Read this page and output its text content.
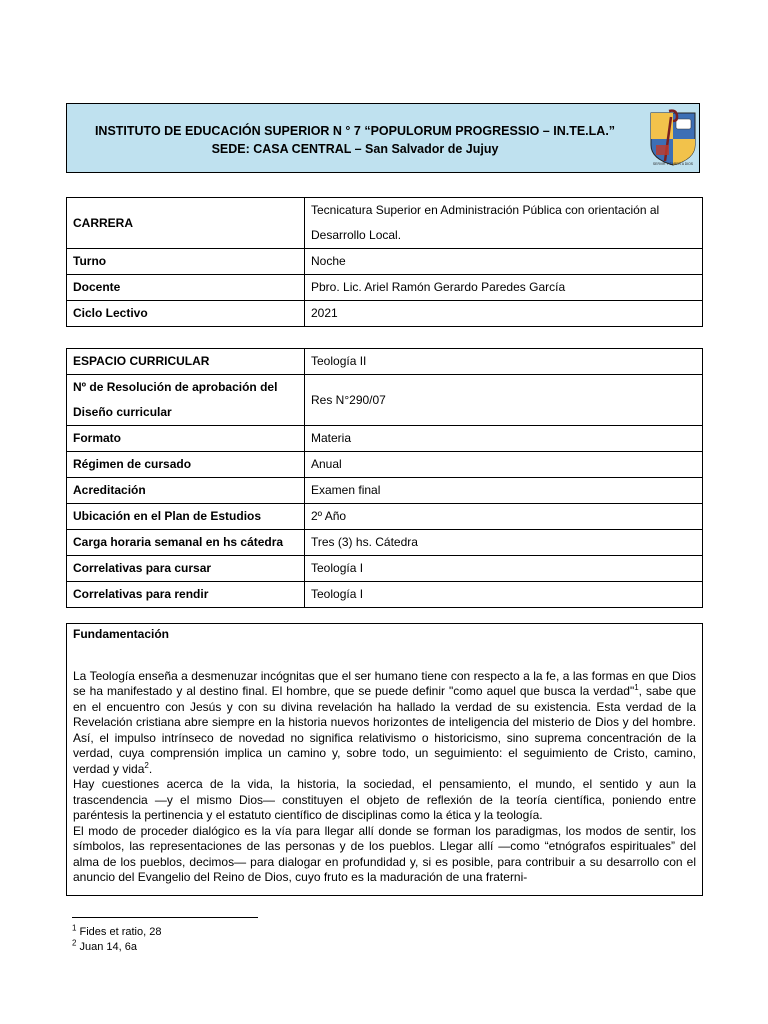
INSTITUTO DE EDUCACIÓN SUPERIOR N ° 7 “POPULORUM PROGRESSIO – IN.TE.LA.”
SEDE: CASA CENTRAL – San Salvador de Jujuy
SERVIR Y SABER A DIOS
CARRERA	Tecnicatura Superior en Administración Pública con orientación al
Desarrollo Local.

Turno	Noche
Docente	Pbro. Lic. Ariel Ramón Gerardo Paredes García
Ciclo Lectivo	2021
ESPACIO CURRICULAR	Teología II

Nº de Resolución de aprobación del
Diseño curricular	Res N°290/07
Formato	Materia
Régimen de cursado	Anual
Acreditación	Examen final
Ubicación en el Plan de Estudios	2º Año
Carga horaria semanal en hs cátedra	Tres (3) hs. Cátedra
Correlativas para cursar	Teología I
Correlativas para rendir	Teología I
Fundamentación

La Teología enseña a desmenuzar incógnitas que el ser humano tiene con respecto a la fe, a las formas en que Dios se ha manifestado y al destino final. El hombre, que se puede definir "como aquel que busca la verdad"$^1$, sabe que en el encuentro con Jesús y con su divina revelación ha hallado la verdad de su existencia. Esta verdad de la Revelación cristiana abre siempre en la historia nuevos horizontes de inteligencia del misterio de Dios y del hombre. Así, el impulso intrínseco de novedad no significa relativismo o historicismo, sino suprema concentración de la verdad, cuya comprensión implica un camino y, sobre todo, un seguimiento: el seguimiento de Cristo, camino, verdad y vida$^2$.

Hay cuestiones acerca de la vida, la historia, la sociedad, el pensamiento, el mundo, el sentido y aun la trascendencia —y el mismo Dios— constituyen el objeto de reflexión de la teoría científica, poniendo entre paréntesis la pertinencia y el estatuto científico de disciplinas como la ética y la teología.

El modo de proceder dialógico es la vía para llegar allí donde se forman los paradigmas, los modos de sentir, los símbolos, las representaciones de las personas y de los pueblos. Llegar allí —como “etnógrafos espirituales” del alma de los pueblos, decimos— para dialogar en profundidad y, si es posible, para contribuir a su desarrollo con el anuncio del Evangelio del Reino de Dios, cuyo fruto es la maduración de una fraterni-

$^1$ Fides et ratio, 28
$^2$ Juan 14, 6a
